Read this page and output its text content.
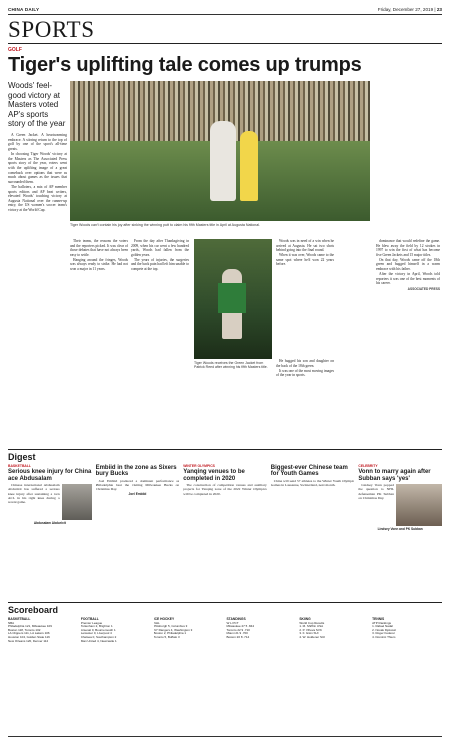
CHINA DAILY	Friday, December 27, 2019 | 23
SPORTS
GOLF
Tiger's uplifting tale comes up trumps
Woods' feel-good victory at Masters voted AP's sports story of the year

A Green Jacket. A heartwarming embrace. A stirring return to the top of golf by one of the sport's all-time greats.

In choosing Tiger Woods' victory at the Masters as The Associated Press sports story of the year, voters went with the uplifting image of a great comeback over options that were as much about games as the issues that surrounded them.

The balloters, a mix of AP member sports editors and AP beat writers, elevated Woods' touching victory at Augusta National over the runner-up entry, the US women's soccer team's victory at the World Cup.

Tiger Woods can't contain his joy after sinking the winning putt to claim his fifth Masters title in April at Augusta National.

Their teams, the reasons the voters and the reporters picked. It was clear of those debates that have not always been easy to settle.

Hanging around the fringes, Woods was always ready to strike. He had not won a major in 11 years.

From the day after Thanksgiving in 2009, when his car went a few hundred yards, Woods had fallen from the golden years.

The years of injuries, the surgeries and the back pain had left him unable to compete at the top.

Woods was in need of a win when he arrived at Augusta. He sat two shots behind going into the final round.

When it was over, Woods came to the same spot where he'd won 22 years before.

He hugged his son and daughter on the back of the 18th green.

It was one of the most moving images of the year in sports.

dominance that would redefine the game. He blew away the field by 12 strokes in 1997 to win the first of what has become five Green Jackets and 15 major titles.

On that day, Woods came off the 18th green and hugged himself in a warm embrace with his father.

After the victory in April, Woods told reporters it was one of the best moments of his career.

ASSOCIATED PRESS
Tiger Woods receives the Green Jacket from Patrick Reed after winning his fifth Masters title.
Digest
BASKETBALL
Serious knee injury for China ace Abdusalam

Chinese international Abdusalam Abdurixit has suffered a serious knee injury after sustaining a torn ACL in his right knee during a recent game.

Abdusalam Abdurixit
Embiid in the zone as Sixers bury Bucks

Joel Embiid produced a dominant performance as Philadelphia beat the visiting Milwaukee Bucks on Christmas Day.

Joel Embiid
WINTER OLYMPICS
Yanqing venues to be completed in 2020

The construction of competition venues and auxiliary projects for Yanqing zone of the 2022 Winter Olympics will be completed in 2020.

Biggest-ever Chinese team for Youth Games

China will send 57 athletes to the Winter Youth Olympic Games in Lausanne, Switzerland, next month.

CELEBRITY
Vonn to marry again after Subban says 'yes'

Lindsey Vonn popped the question to NHL defenseman PK Subban on Christmas Day.

Lindsey Vonn and PK Subban
Scoreboard
BASKETBALL
NBA
Philadelphia 121, Milwaukee 109
Boston 118, Toronto 102
LA Clippers 111, LA Lakers 106
Houston 104, Golden State 116
New Orleans 120, Denver 112
FOOTBALL
Premier League
Tottenham 2, Brighton 1
Arsenal 0, Bournemouth 1
Leicester 0, Liverpool 4
Chelsea 0, Southampton 2
Man United 4, Newcastle 1
ICE HOCKEY
NHL
Pittsburgh 5, Columbus 3
NY Rangers 4, Washington 3
Boston 2, Philadelphia 1
Toronto 5, Buffalo 3
STANDINGS
W L PCT
Milwaukee 27 5 .844
Toronto 22 9 .710
Miami 21 9 .700
Boston 20 8 .714
SKIING
World Cup Results
1. M. Shiffrin USA
2. P. Vlhova SVK
3. F. Gisin SUI
4. W. Holdener SUI
TENNIS
ATP Rankings
1. Rafael Nadal
2. Novak Djokovic
3. Roger Federer
4. Dominic Thiem
